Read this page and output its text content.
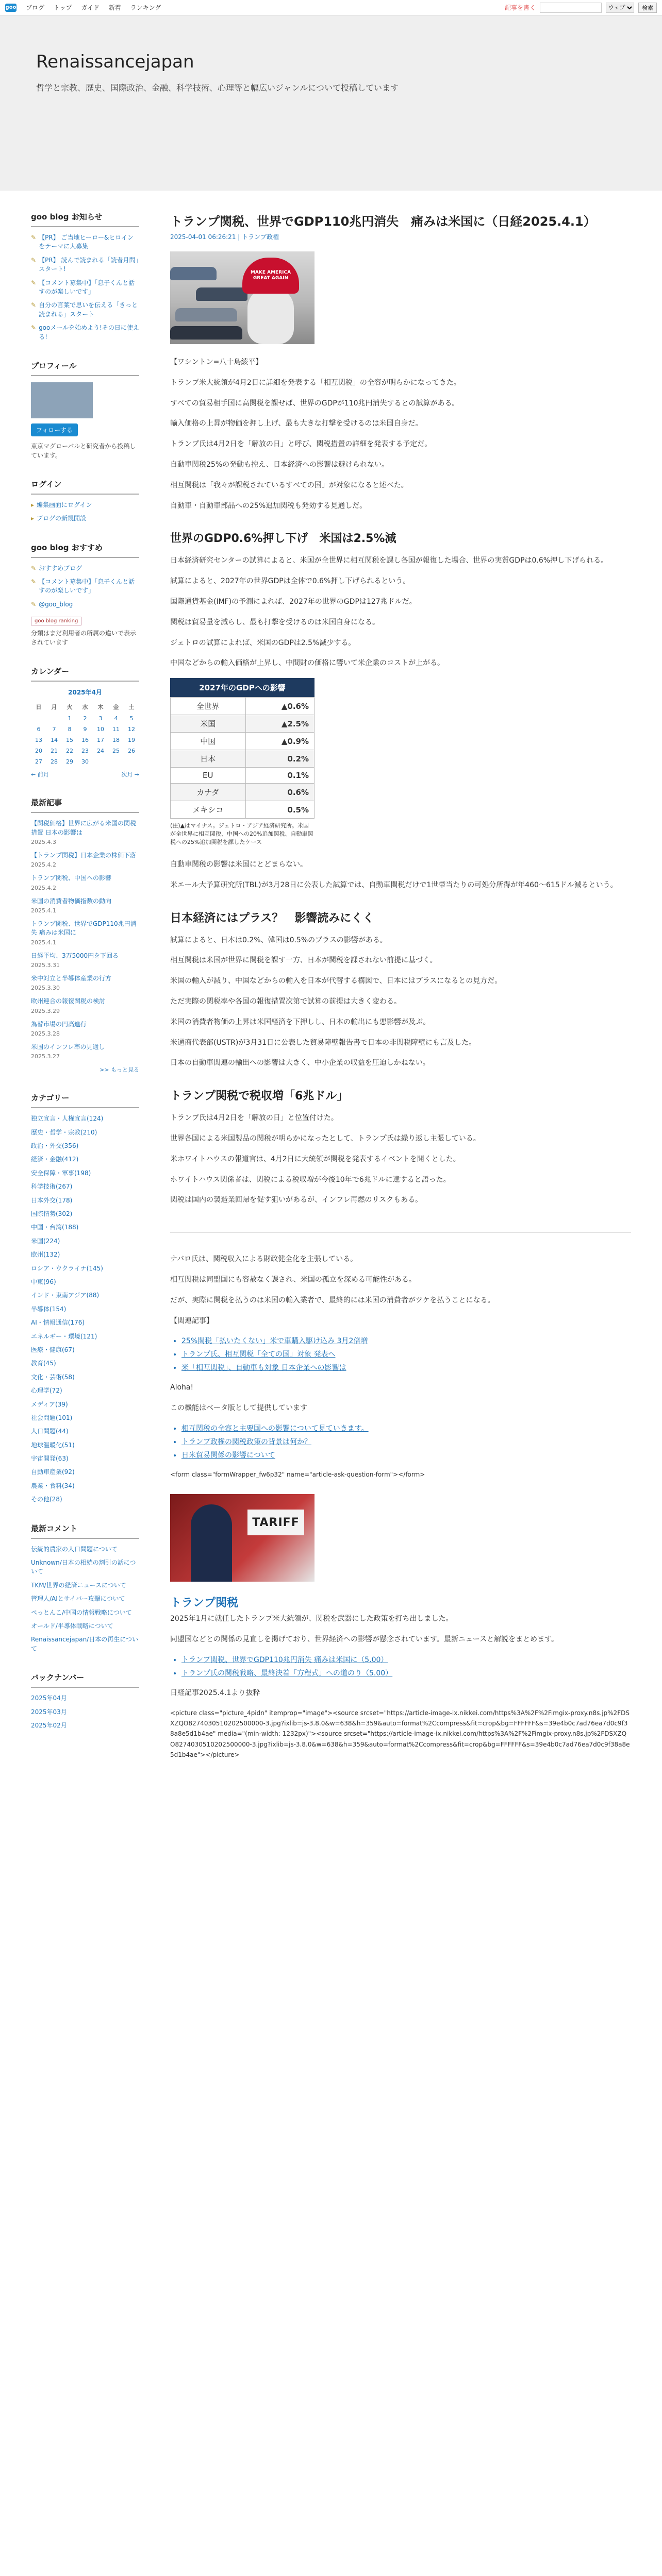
goo ブログ トップ ガイド 新着 ランキング	記事を書く
ウェブ	検索
Renaissancejapan

哲学と宗教、歴史、国際政治、金融、科学技術、心理等と幅広いジャンルについて投稿しています

goo blog お知らせ
✎ 【PR】 ご当地ヒーロー&ヒロインをテーマに大募集
✎ 【PR】 読んで読まれる「読者月間」スタート!
✎ 【コメント募集中】「息子くんと話すのが楽しいです」
✎ 自分の言葉で思いを伝える「きっと読まれる」スタート
✎ gooメールを始めよう!その日に使える!
プロフィール
フォローする
東京マグローバルと研究者から投稿しています。
ログイン
▸ 編集画面にログイン
▸ ブログの新規開設
goo blog おすすめ
✎ おすすめブログ
✎ 【コメント募集中】「息子くんと話すのが楽しいです」
✎ @goo_blog
goo blog ranking
分類はまだ利用者の所属の違いで表示されています
カレンダー
2025年4月
日	月	火	水	木	金	土
		1	2	3	4	5
6	7	8	9	10	11	12
13	14	15	16	17	18	19
20	21	22	23	24	25	26
27	28	29	30			
← 前月	次月 →
最新記事
【関税価格】世界に広がる米国の関税措置 日本の影響は
2025.4.3
【トランプ関税】日本企業の株価下落
2025.4.2
トランプ関税、中国への影響
2025.4.2
米国の消費者物価指数の動向
2025.4.1
トランプ関税、世界でGDP110兆円消失 痛みは米国に
2025.4.1
日経平均、3万5000円を下回る
2025.3.31
米中対立と半導体産業の行方
2025.3.30
欧州連合の報復関税の検討
2025.3.29
為替市場の円高進行
2025.3.28
米国のインフレ率の見通し
2025.3.27
>> もっと見る
カテゴリー
独立宣言・人権宣言(124)
歴史・哲学・宗教(210)
政治・外交(356)
経済・金融(412)
安全保障・軍事(198)
科学技術(267)
日本外交(178)
国際情勢(302)
中国・台湾(188)
米国(224)
欧州(132)
ロシア・ウクライナ(145)
中東(96)
インド・東南アジア(88)
半導体(154)
AI・情報通信(176)
エネルギー・環境(121)
医療・健康(67)
教育(45)
文化・芸術(58)
心理学(72)
メディア(39)
社会問題(101)
人口問題(44)
地球温暖化(51)
宇宙開発(63)
自動車産業(92)
農業・食料(34)
その他(28)
最新コメント
伝統的農家の人口問題について
Unknown/日本の相続の割引の話について
TKM/世界の経済ニュースについて
管理人/AIとサイバー攻撃について
ぺっとんこ/中国の情報戦略について
オールド/半導体戦略について
Renaissancejapan/日本の再生について
バックナンバー
2025年04月
2025年03月
2025年02月
トランプ関税、世界でGDP110兆円消失　痛みは米国に（日経2025.4.1）
2025-04-01 06:26:21 | トランプ政権
MAKE AMERICA GREAT AGAIN

【ワシントン=八十島綾平】

トランプ米大統領が4月2日に詳細を発表する「相互関税」の全容が明らかになってきた。

すべての貿易相手国に高関税を課せば、世界のGDPが110兆円消失するとの試算がある。

輸入価格の上昇が物価を押し上げ、最も大きな打撃を受けるのは米国自身だ。

トランプ氏は4月2日を「解放の日」と呼び、関税措置の詳細を発表する予定だ。

自動車関税25%の発動も控え、日本経済への影響は避けられない。

相互関税は「我々が課税されているすべての国」が対象になると述べた。

自動車・自動車部品への25%追加関税も発効する見通しだ。

世界のGDP0.6%押し下げ　米国は2.5%減

日本経済研究センターの試算によると、米国が全世界に相互関税を課し各国が報復した場合、世界の実質GDPは0.6%押し下げられる。

試算によると、2027年の世界GDPは全体で0.6%押し下げられるという。

国際通貨基金(IMF)の予測によれば、2027年の世界のGDPは127兆ドルだ。

関税は貿易量を減らし、最も打撃を受けるのは米国自身になる。

ジェトロの試算によれば、米国のGDPは2.5%減少する。

中国などからの輸入価格が上昇し、中間財の価格に響いて米企業のコストが上がる。

2027年のGDPへの影響
全世界	▲0.6%
米国	▲2.5%
中国	▲0.9%
日本	0.2%
EU	0.1%
カナダ	0.6%
メキシコ	0.5%
(注)▲はマイナス。ジェトロ・アジア経済研究所。米国が全世界に相互関税、中国への20%追加関税、自動車関税への25%追加関税を課したケース

自動車関税の影響は米国にとどまらない。

米エール大予算研究所(TBL)が3月28日に公表した試算では、自動車関税だけで1世帯当たりの可処分所得が年460～615ドル減るという。

日本経済にはプラス？　影響読みにくく

試算によると、日本は0.2%、韓国は0.5%のプラスの影響がある。

相互関税は米国が世界に関税を課す一方、日本が関税を課されない前提に基づく。

米国の輸入が減り、中国などからの輸入を日本が代替する構図で、日本にはプラスになるとの見方だ。

ただ実際の関税率や各国の報復措置次第で試算の前提は大きく変わる。

米国の消費者物価の上昇は米国経済を下押しし、日本の輸出にも悪影響が及ぶ。

米通商代表部(USTR)が3月31日に公表した貿易障壁報告書で日本の非関税障壁にも言及した。

日本の自動車関連の輸出への影響は大きく、中小企業の収益を圧迫しかねない。

トランプ関税で税収増「6兆ドル」

トランプ氏は4月2日を「解放の日」と位置付けた。

世界各国による米国製品の関税が明らかになったとして、トランプ氏は繰り返し主張している。

米ホワイトハウスの報道官は、4月2日に大統領が関税を発表するイベントを開くとした。

ホワイトハウス関係者は、関税による税収増が今後10年で6兆ドルに達すると語った。

関税は国内の製造業回帰を促す狙いがあるが、インフレ再燃のリスクもある。

ナバロ氏は、関税収入による財政健全化を主張している。

相互関税は同盟国にも容赦なく課され、米国の孤立を深める可能性がある。

だが、実際に関税を払うのは米国の輸入業者で、最終的には米国の消費者がツケを払うことになる。

【関連記事】

• 25%関税「払いたくない」米で車購入駆け込み 3月2倍増
• トランプ氏、相互関税「全ての国」対象 発表へ
• 米「相互関税」、自動車も対象 日本企業への影響は

Aloha!

この機能はベータ版として提供しています

• 相互関税の全容と主要国への影響について見ていきます。
• トランプ政権の関税政策の背景は何か？
• 日米貿易関係の影響について

<form class="formWrapper_fw6p32" name="article-ask-question-form"></form>

TARIFF
トランプ関税

2025年1月に就任したトランプ米大統領が、関税を武器にした政策を打ち出しました。

同盟国などとの関係の見直しを掲げており、世界経済への影響が懸念されています。最新ニュースと解説をまとめます。

• トランプ関税、世界でGDP110兆円消失 痛みは米国に（5.00）
• トランプ氏の関税戦略、最終決着「方程式」への道のり（5.00）

日経記事2025.4.1より抜粋

<picture class="picture_4pidn" itemprop="image"><source srcset="https://article-image-ix.nikkei.com/https%3A%2F%2Fimgix-proxy.n8s.jp%2FDSXZQO8274030510202500000-3.jpg?ixlib=js-3.8.0&w=638&h=359&auto=format%2Ccompress&fit=crop&bg=FFFFFF&s=39e4b0c7ad76ea7d0c9f38a8e5d1b4ae" media="(min-width: 1232px)"><source srcset="https://article-image-ix.nikkei.com/https%3A%2F%2Fimgix-proxy.n8s.jp%2FDSXZQO8274030510202500000-3.jpg?ixlib=js-3.8.0&w=638&h=359&auto=format%2Ccompress&fit=crop&bg=FFFFFF&s=39e4b0c7ad76ea7d0c9f38a8e5d1b4ae"></picture>
